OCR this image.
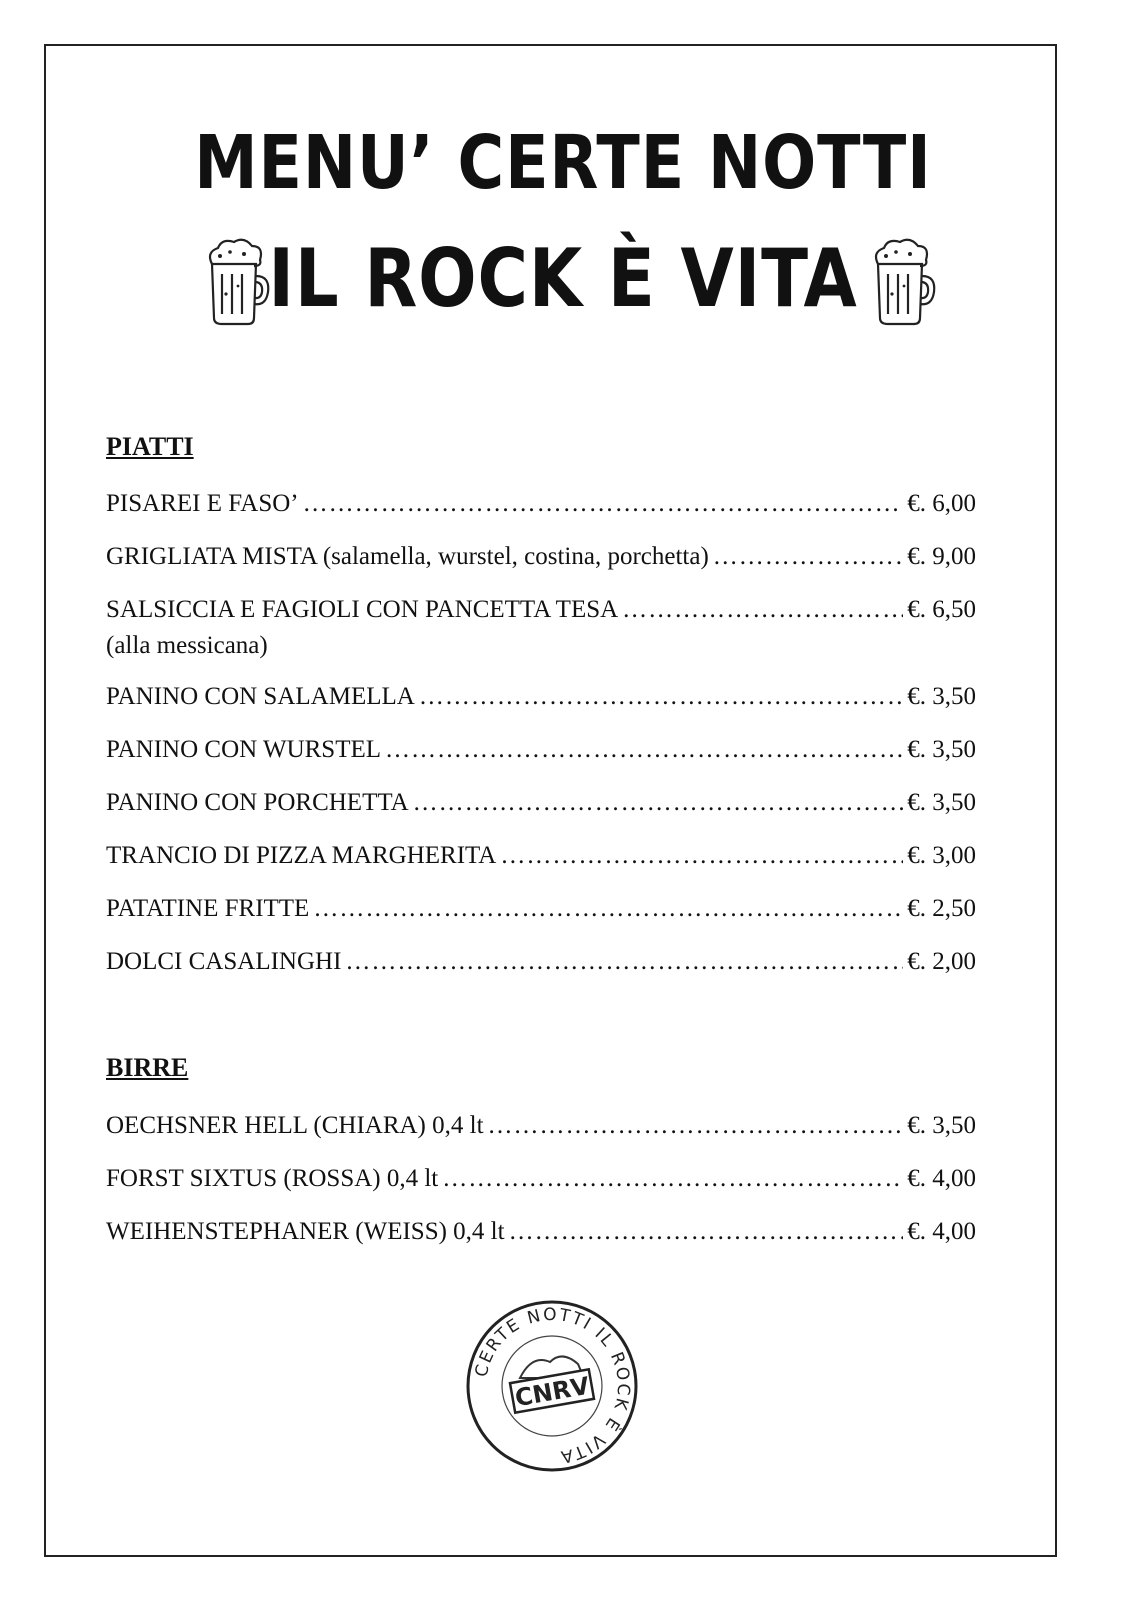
MENU’ CERTE NOTTI
IL ROCK È VITA
PIATTI
PISAREI E FASO’ ………………………………………………………………………………………………………………………………………	€. 6,00
GRIGLIATA MISTA (salamella, wurstel, costina, porchetta) ………………………………………………………………………………………………………………………………………	€. 9,00
SALSICCIA E FAGIOLI CON PANCETTA TESA ………………………………………………………………………………………………………………………………………	€. 6,50
(alla messicana)
PANINO CON SALAMELLA ………………………………………………………………………………………………………………………………………	€. 3,50
PANINO CON WURSTEL ………………………………………………………………………………………………………………………………………	€. 3,50
PANINO CON PORCHETTA ………………………………………………………………………………………………………………………………………	€. 3,50
TRANCIO DI PIZZA MARGHERITA ………………………………………………………………………………………………………………………………………	€. 3,00
PATATINE FRITTE ………………………………………………………………………………………………………………………………………	€. 2,50
DOLCI CASALINGHI ………………………………………………………………………………………………………………………………………	€. 2,00
BIRRE
OECHSNER HELL (CHIARA) 0,4 lt ………………………………………………………………………………………………………………………………………	€. 3,50
FORST SIXTUS (ROSSA) 0,4 lt ………………………………………………………………………………………………………………………………………	€. 4,00
WEIHENSTEPHANER (WEISS) 0,4 lt ………………………………………………………………………………………………………………………………………	€. 4,00
CERTE NOTTI IL ROCK È VITA
CNRV
